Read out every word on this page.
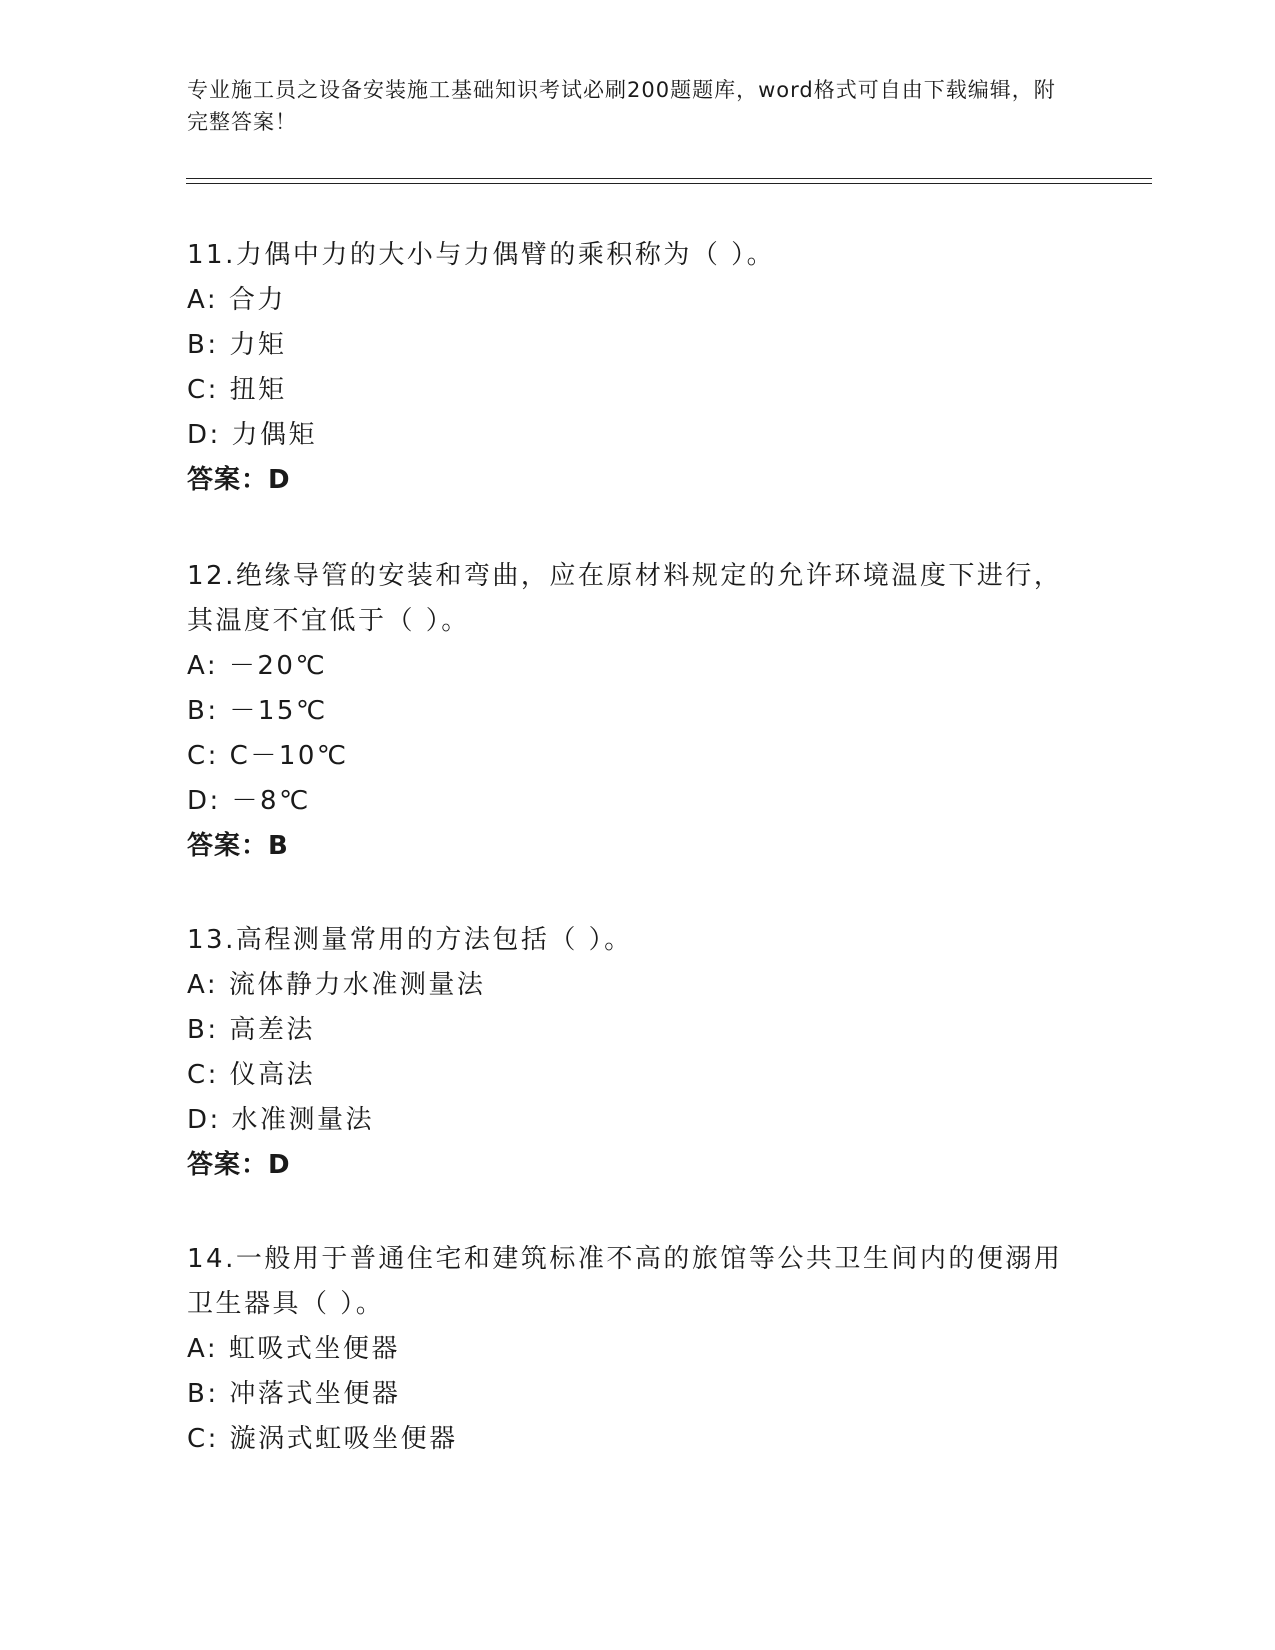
专业施工员之设备安装施工基础知识考试必刷200题题库，word格式可自由下载编辑，附完整答案！
11.力偶中力的大小与力偶臂的乘积称为（ ）。
A: 合力
B: 力矩
C: 扭矩
D: 力偶矩
答案：D
12.绝缘导管的安装和弯曲，应在原材料规定的允许环境温度下进行，其温度不宜低于（ ）。
A: －20℃
B: －15℃
C: C－10℃
D: －8℃
答案：B
13.高程测量常用的方法包括（ ）。
A: 流体静力水准测量法
B: 高差法
C: 仪高法
D: 水准测量法
答案：D
14.一般用于普通住宅和建筑标准不高的旅馆等公共卫生间内的便溺用卫生器具（ ）。
A: 虹吸式坐便器
B: 冲落式坐便器
C: 漩涡式虹吸坐便器
